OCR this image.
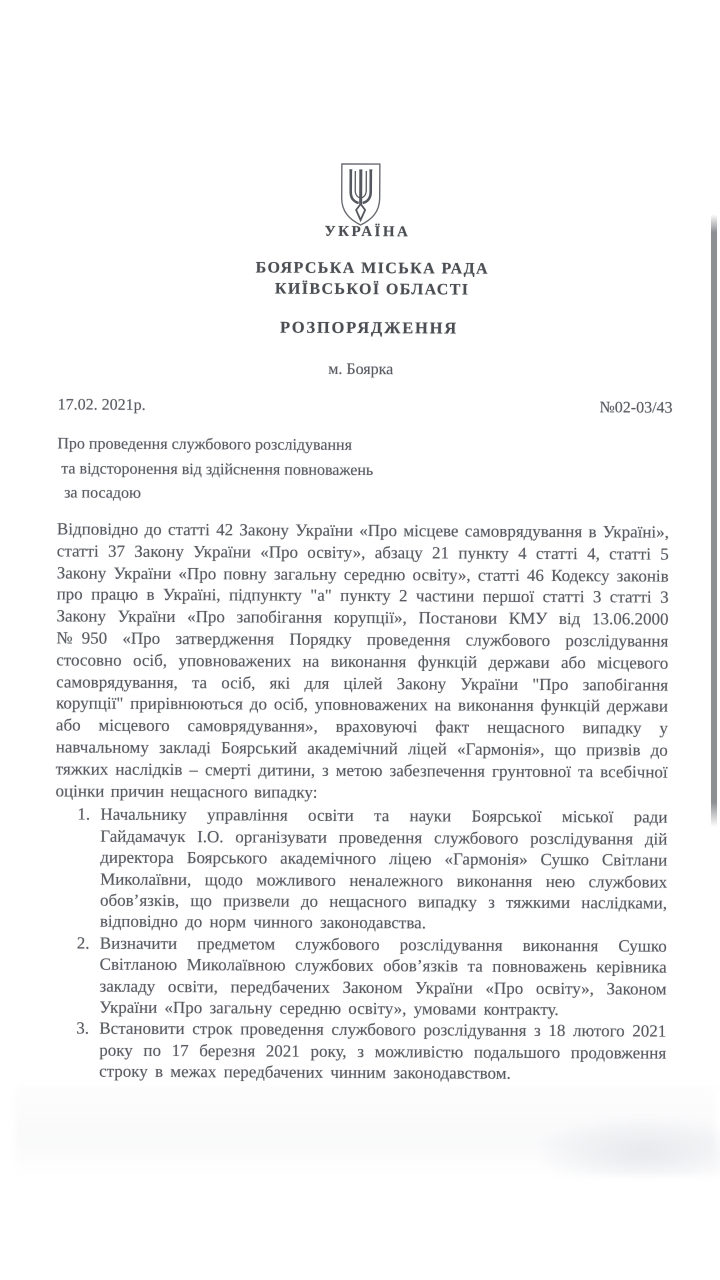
УКРАЇНА
БОЯРСЬКА МІСЬКА РАДА
КИЇВСЬКОЇ ОБЛАСТІ
РОЗПОРЯДЖЕННЯ
м. Боярка
17.02. 2021р.	№02-03/43
Про проведення службового розслідування
та відсторонення від здійснення повноважень
за посадою

Відповідно до статті 42 Закону України «Про місцеве самоврядування в Україні», статті 37 Закону України «Про освіту», абзацу 21 пункту 4 статті 4, статті 5 Закону України «Про повну загальну середню освіту», статті 46 Кодексу законів про працю в Україні, підпункту "а" пункту 2 частини першої статті 3 статті 3 Закону України «Про запобігання корупції», Постанови КМУ від 13.06.2000 №950 «Про затвердження Порядку проведення службового розслідування стосовно осіб, уповноважених на виконання функцій держави або місцевого самоврядування, та осіб, які для цілей Закону України "Про запобігання корупції" прирівнюються до осіб, уповноважених на виконання функцій держави або місцевого самоврядування», враховуючі факт нещасного випадку у навчальному закладі Боярський академічний ліцей «Гармонія», що призвів до тяжких наслідків – смерті дитини, з метою забезпечення грунтовної та всебічної оцінки причин нещасного випадку:

1. Начальнику управління освіти та науки Боярської міської ради Гайдамачук І.О. організувати проведення службового розслідування дій директора Боярського академічного ліцею «Гармонія» Сушко Світлани Миколаївни, щодо можливого неналежного виконання нею службових обов’язків, що призвели до нещасного випадку з тяжкими наслідками, відповідно до норм чинного законодавства.
2. Визначити предметом службового розслідування виконання Сушко Світланою Миколаївною службових обов’язків та повноважень керівника закладу освіти, передбачених Законом України «Про освіту», Законом України «Про загальну середню освіту», умовами контракту.
3. Встановити строк проведення службового розслідування з 18 лютого 2021 року по 17 березня 2021 року, з можливістю подальшого продовження строку в межах передбачених чинним законодавством.
